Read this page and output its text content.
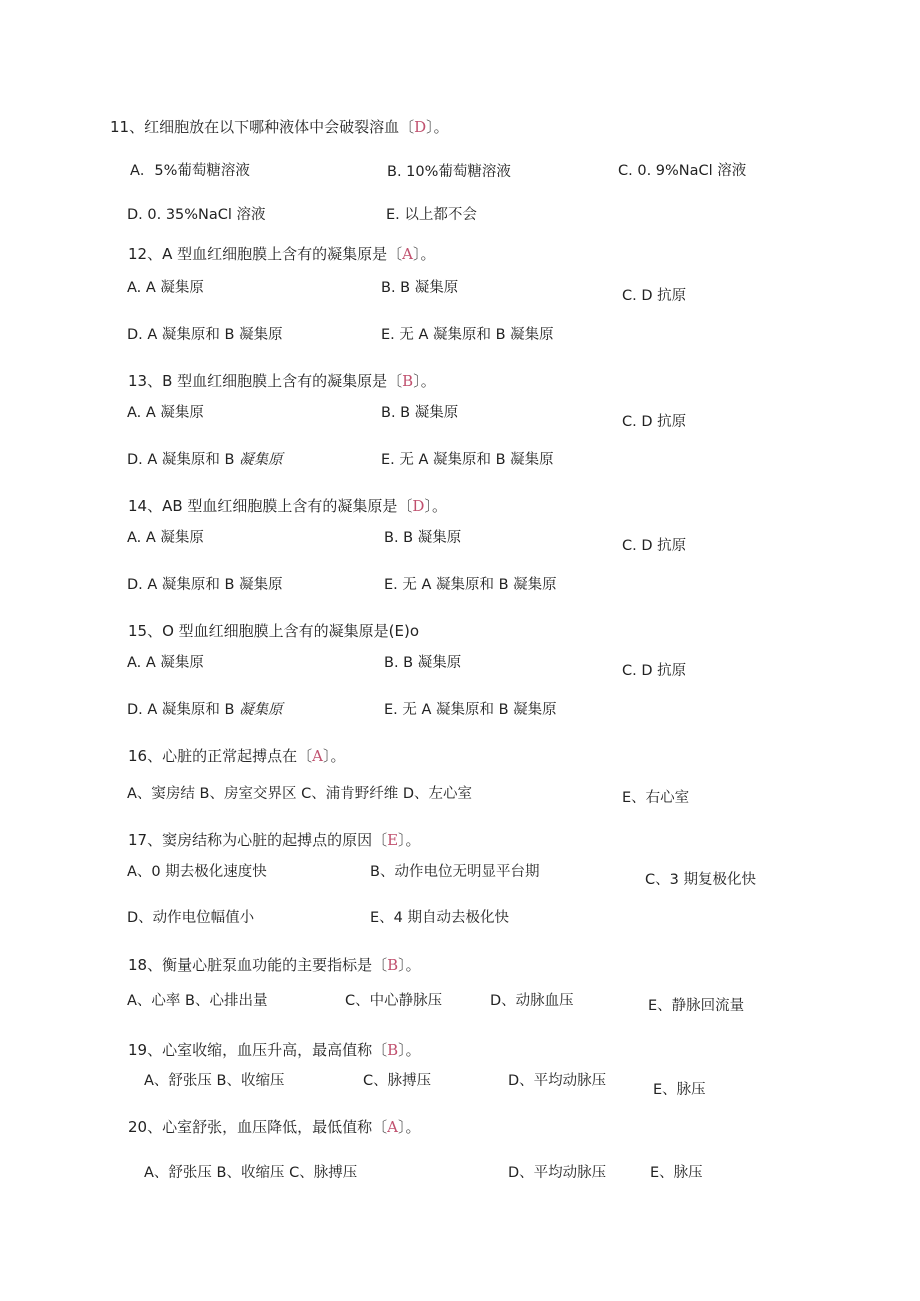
11、红细胞放在以下哪种液体中会破裂溶血〔D〕。
A．5%葡萄糖溶液	B. 10%葡萄糖溶液	C. 0. 9%NaCl 溶液
D. 0. 35%NaCl 溶液	E. 以上都不会
12、A 型血红细胞膜上含有的凝集原是〔A〕。
A. A 凝集原	B. B 凝集原	C. D 抗原
D. A 凝集原和 B 凝集原	E. 无 A 凝集原和 B 凝集原
13、B 型血红细胞膜上含有的凝集原是〔B〕。
A. A 凝集原	B. B 凝集原
C. D 抗原
D. A 凝集原和 B 凝集原	E. 无 A 凝集原和 B 凝集原
14、AB 型血红细胞膜上含有的凝集原是〔D〕。
A. A 凝集原	B. B 凝集原	C. D 抗原
D. A 凝集原和 B 凝集原	E. 无 A 凝集原和 B 凝集原
15、O 型血红细胞膜上含有的凝集原是(E)o
A. A 凝集原	B. B 凝集原	C. D 抗原
D. A 凝集原和 B 凝集原	E. 无 A 凝集原和 B 凝集原
16、心脏的正常起搏点在〔A〕。
A、窦房结 B、房室交界区 C、浦肯野纤维 D、左心室	E、右心室
17、窦房结称为心脏的起搏点的原因〔E〕。
A、0 期去极化速度快	B、动作电位无明显平台期	C、3 期复极化快
D、动作电位幅值小	E、4 期自动去极化快
18、衡量心脏泵血功能的主要指标是〔B〕。
A、心率 B、心排出量	C、中心静脉压	D、动脉血压	E、静脉回流量
19、心室收缩，血压升高，最高值称〔B〕。
A、舒张压 B、收缩压	C、脉搏压	D、平均动脉压
E、脉压
20、心室舒张，血压降低，最低值称〔A〕。
A、舒张压 B、收缩压 C、脉搏压	D、平均动脉压	E、脉压
